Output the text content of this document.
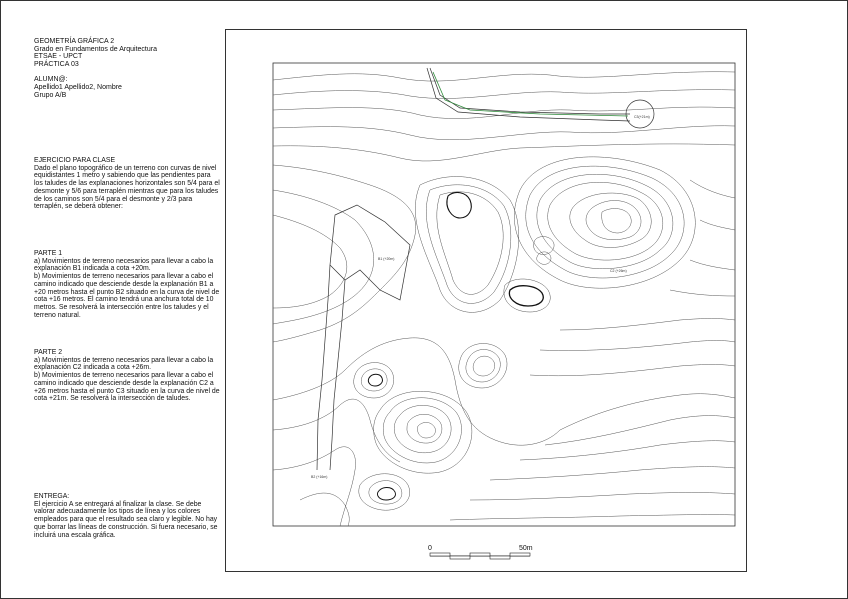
GEOMETRÍA GRÁFICA 2
Grado en Fundamentos de Arquitectura
ETSAE - UPCT
PRÁCTICA 03
ALUMN@:
Apellido1 Apellido2, Nombre
Grupo A/B

EJERCICIO PARA CLASE

Dado el plano topográfico de un terreno con curvas de nivel equidistantes 1 metro y sabiendo que las pendientes para los taludes de las explanaciones horizontales son 5/4 para el desmonte y 5/6 para terraplén mientras que para los taludes de los caminos son 5/4 para el desmonte y 2/3 para terraplén, se deberá obtener:

PARTE 1

a) Movimientos de terreno necesarios para llevar a cabo la explanación B1 indicada a cota +20m.

b) Movimientos de terreno necesarios para llevar a cabo el camino indicado que desciende desde la explanación B1 a +20 metros hasta el punto B2 situado en la curva de nivel de cota +16 metros. El camino tendrá una anchura total de 10 metros. Se resolverá la intersección entre los taludes y el terreno natural.

PARTE 2

a) Movimientos de terreno necesarios para llevar a cabo la explanación C2 indicada a cota +26m.

b) Movimientos de terreno necesarios para llevar a cabo el camino indicado que desciende desde la explanación C2 a +26 metros hasta el punto C3 situado en la curva de nivel de cota +21m. Se resolverá la intersección de taludes.

ENTREGA:

El ejercicio A se entregará al finalizar la clase. Se debe valorar adecuadamente los tipos de línea y los colores empleados para que el resultado sea claro y legible. No hay que borrar las líneas de construcción. Si fuera necesario, se incluirá una escala gráfica.

B1 (+20m)
B2 (+16m)
C2 (+26m)
C3(+21m)
0	50m
